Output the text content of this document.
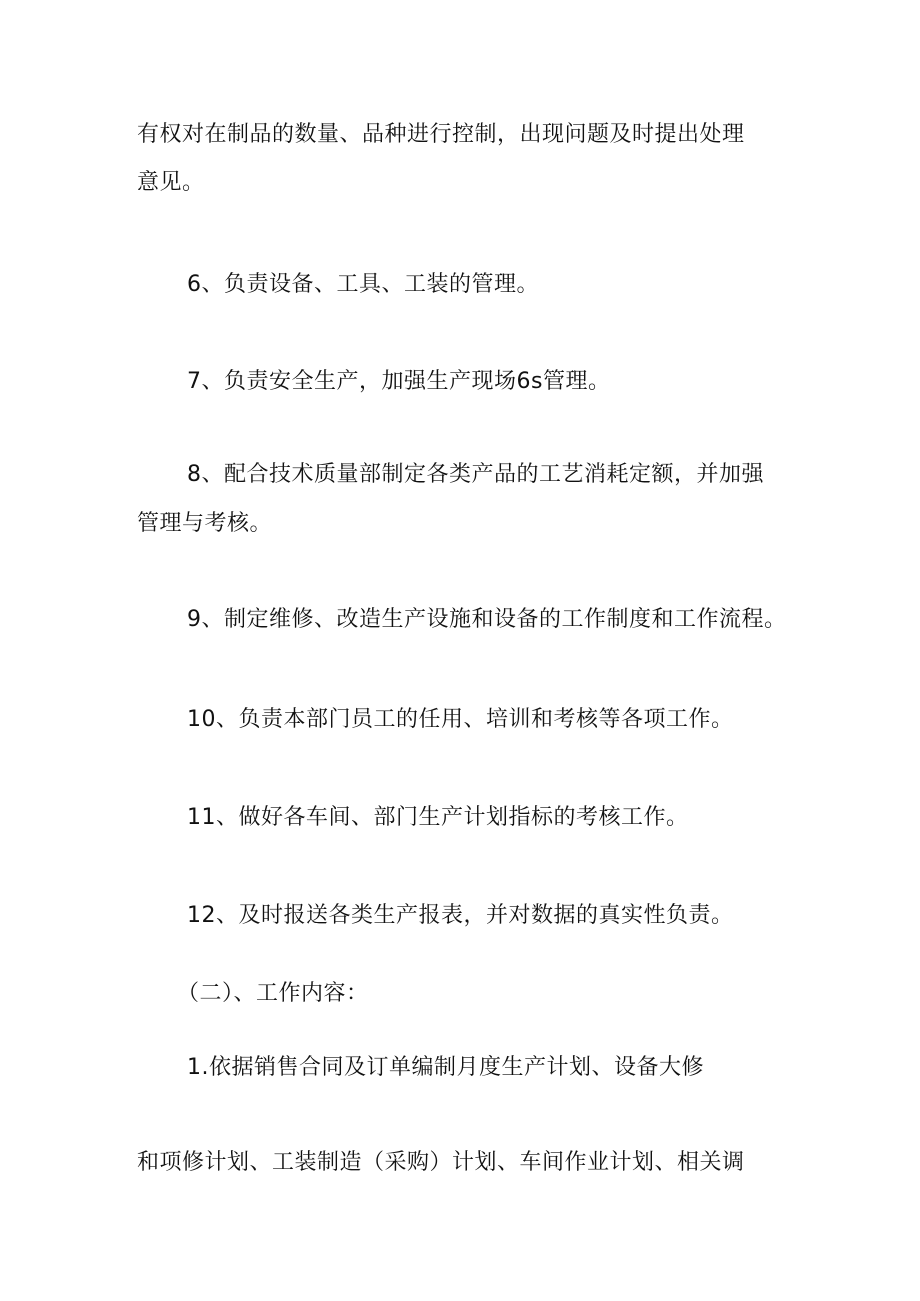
有权对在制品的数量、品种进行控制，出现问题及时提出处理

意见。

6、负责设备、工具、工装的管理。

7、负责安全生产，加强生产现场6s管理。

8、配合技术质量部制定各类产品的工艺消耗定额，并加强

管理与考核。

9、制定维修、改造生产设施和设备的工作制度和工作流程。

10、负责本部门员工的任用、培训和考核等各项工作。

11、做好各车间、部门生产计划指标的考核工作。

12、及时报送各类生产报表，并对数据的真实性负责。

（二）、工作内容：

1.依据销售合同及订单编制月度生产计划、设备大修

和项修计划、工装制造（采购）计划、车间作业计划、相关调
